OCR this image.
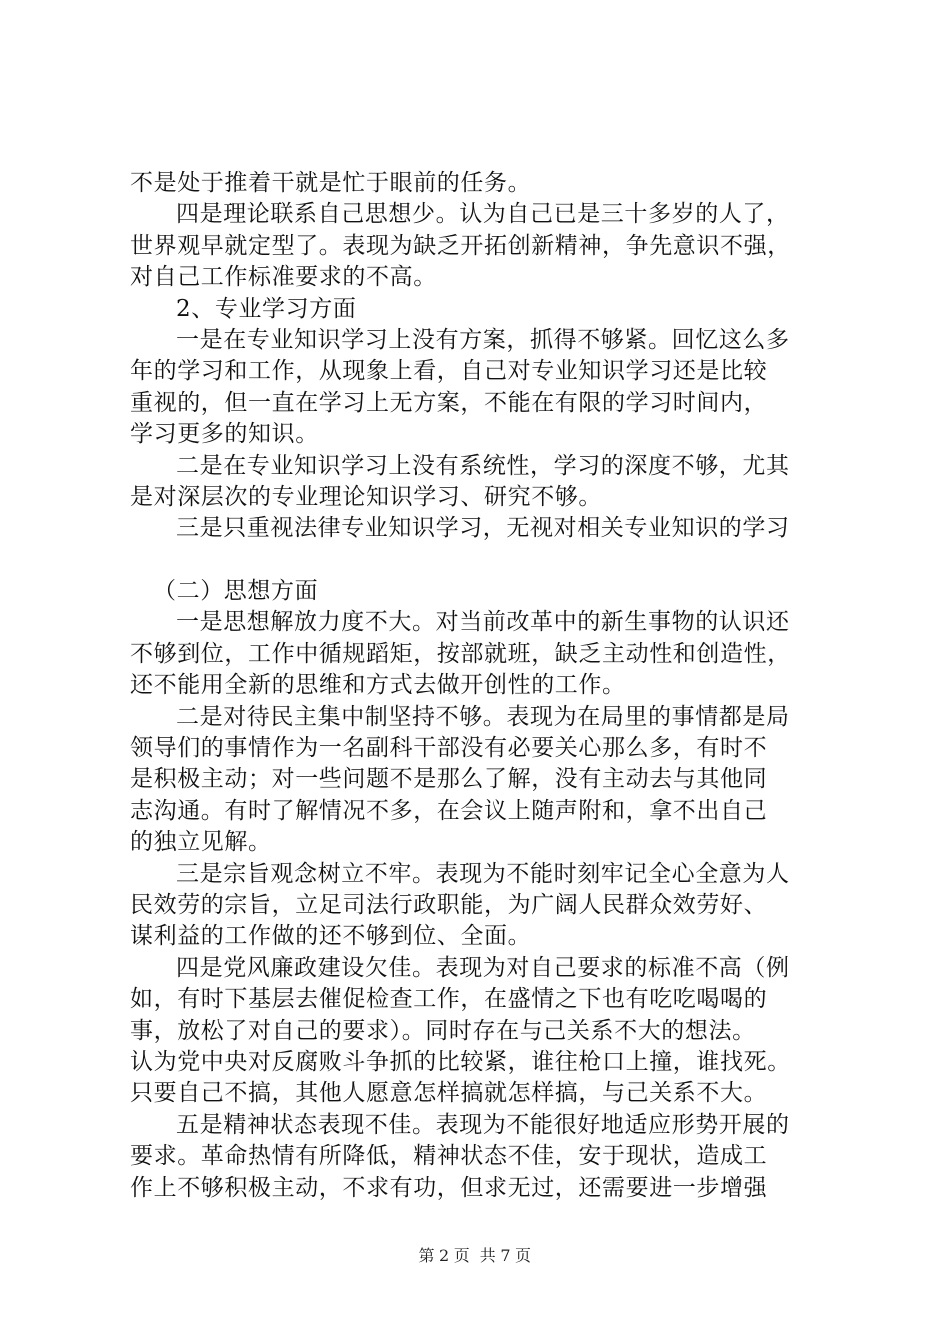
不是处于推着干就是忙于眼前的任务。
四是理论联系自己思想少。认为自己已是三十多岁的人了，
世界观早就定型了。表现为缺乏开拓创新精神，争先意识不强，
对自己工作标准要求的不高。
2、专业学习方面
一是在专业知识学习上没有方案，抓得不够紧。回忆这么多
年的学习和工作，从现象上看，自己对专业知识学习还是比较
重视的，但一直在学习上无方案，不能在有限的学习时间内，
学习更多的知识。
二是在专业知识学习上没有系统性，学习的深度不够，尤其
是对深层次的专业理论知识学习、研究不够。
三是只重视法律专业知识学习，无视对相关专业知识的学习
（二）思想方面
一是思想解放力度不大。对当前改革中的新生事物的认识还
不够到位，工作中循规蹈矩，按部就班，缺乏主动性和创造性，
还不能用全新的思维和方式去做开创性的工作。
二是对待民主集中制坚持不够。表现为在局里的事情都是局
领导们的事情作为一名副科干部没有必要关心那么多，有时不
是积极主动；对一些问题不是那么了解，没有主动去与其他同
志沟通。有时了解情况不多，在会议上随声附和，拿不出自己
的独立见解。
三是宗旨观念树立不牢。表现为不能时刻牢记全心全意为人
民效劳的宗旨，立足司法行政职能，为广阔人民群众效劳好、
谋利益的工作做的还不够到位、全面。
四是党风廉政建设欠佳。表现为对自己要求的标准不高（例
如，有时下基层去催促检查工作，在盛情之下也有吃吃喝喝的
事，放松了对自己的要求）。同时存在与己关系不大的想法。
认为党中央对反腐败斗争抓的比较紧，谁往枪口上撞，谁找死。
只要自己不搞，其他人愿意怎样搞就怎样搞，与己关系不大。
五是精神状态表现不佳。表现为不能很好地适应形势开展的
要求。革命热情有所降低，精神状态不佳，安于现状，造成工
作上不够积极主动，不求有功，但求无过，还需要进一步增强
第 2 页 共 7 页
